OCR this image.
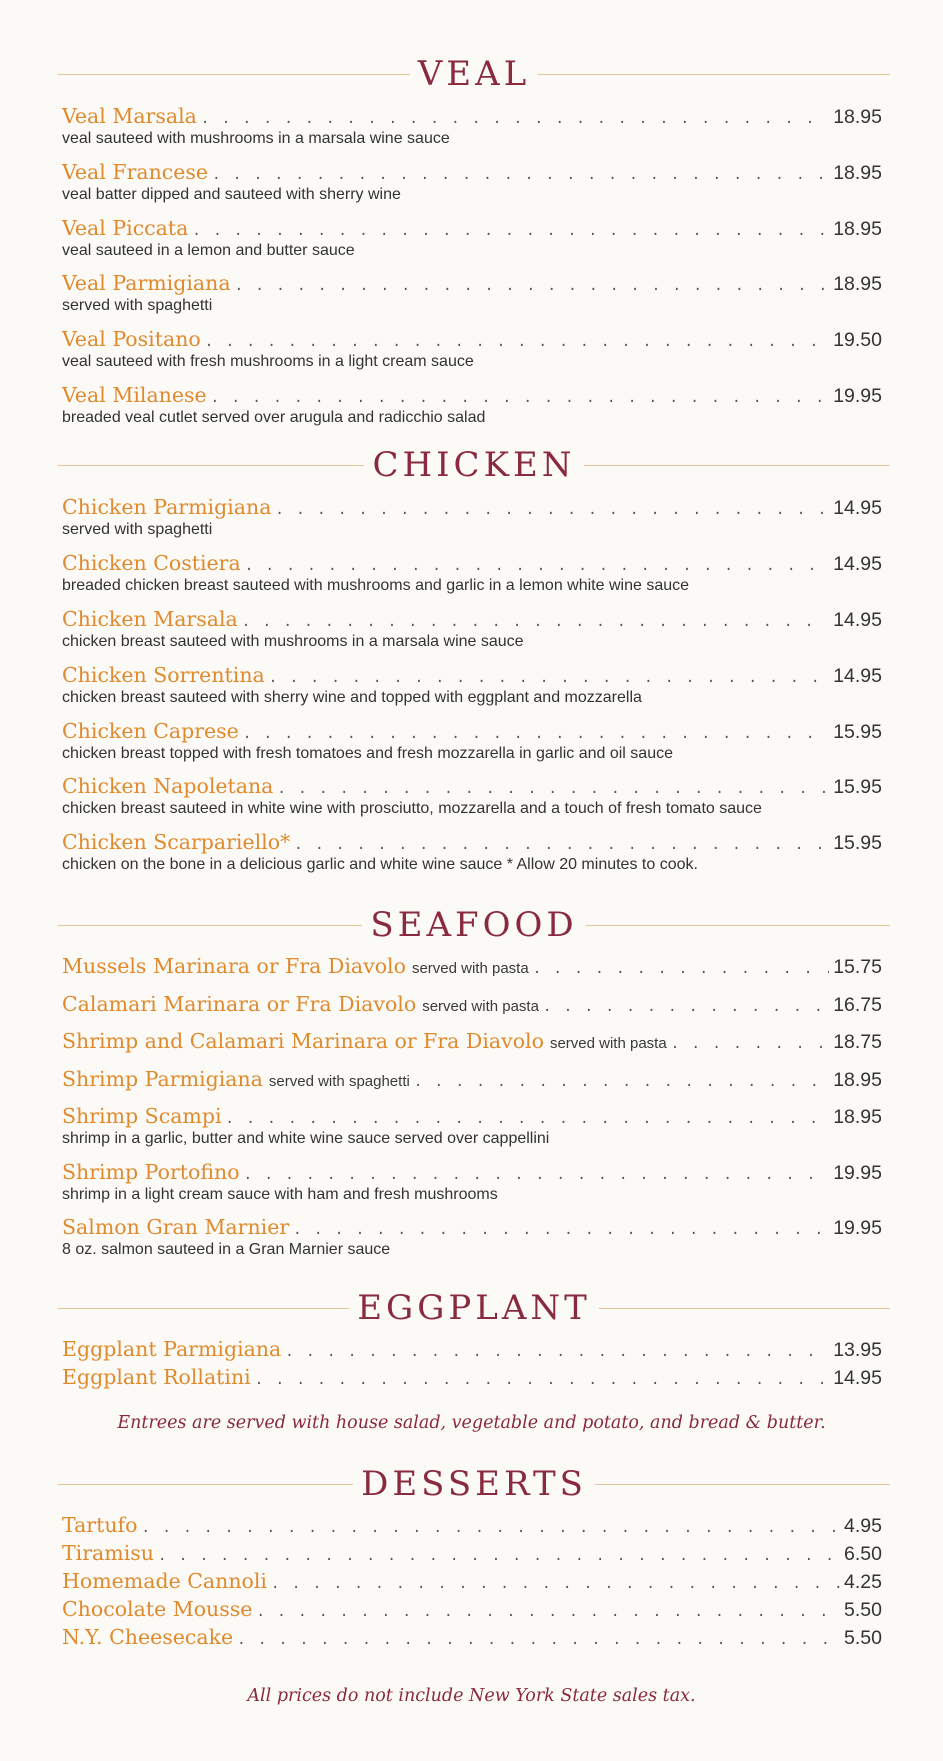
VEAL
Veal Marsala . . .	18.95
veal sauteed with mushrooms in a marsala wine sauce
Veal Francese . . .	18.95
veal batter dipped and sauteed with sherry wine
Veal Piccata . . .	18.95
veal sauteed in a lemon and butter sauce
Veal Parmigiana . . .	18.95
served with spaghetti
Veal Positano . . .	19.50
veal sauteed with fresh mushrooms in a light cream sauce
Veal Milanese . . .	19.95
breaded veal cutlet served over arugula and radicchio salad
CHICKEN
Chicken Parmigiana . . .	14.95
served with spaghetti
Chicken Costiera . . .	14.95
breaded chicken breast sauteed with mushrooms and garlic in a lemon white wine sauce
Chicken Marsala . . .	14.95
chicken breast sauteed with mushrooms in a marsala wine sauce
Chicken Sorrentina . . .	14.95
chicken breast sauteed with sherry wine and topped with eggplant and mozzarella
Chicken Caprese . . .	15.95
chicken breast topped with fresh tomatoes and fresh mozzarella in garlic and oil sauce
Chicken Napoletana . . .	15.95
chicken breast sauteed in white wine with prosciutto, mozzarella and a touch of fresh tomato sauce
Chicken Scarpariello* . . .	15.95
chicken on the bone in a delicious garlic and white wine sauce * Allow 20 minutes to cook.
SEAFOOD
Mussels Marinara or Fra Diavolo served with pasta . . .	15.75
Calamari Marinara or Fra Diavolo served with pasta . . .	16.75
Shrimp and Calamari Marinara or Fra Diavolo served with pasta . . .	18.75
Shrimp Parmigiana served with spaghetti . . .	18.95
Shrimp Scampi . . .	18.95
shrimp in a garlic, butter and white wine sauce served over cappellini
Shrimp Portofino . . .	19.95
shrimp in a light cream sauce with ham and fresh mushrooms
Salmon Gran Marnier . . .	19.95
8 oz. salmon sauteed in a Gran Marnier sauce
EGGPLANT
Eggplant Parmigiana . . .	13.95
Eggplant Rollatini . . .	14.95
Entrees are served with house salad, vegetable and potato, and bread & butter.
DESSERTS
Tartufo . . .	4.95
Tiramisu . . .	6.50
Homemade Cannoli . . .	4.25
Chocolate Mousse . . .	5.50
N.Y. Cheesecake . . .	5.50
All prices do not include New York State sales tax.
